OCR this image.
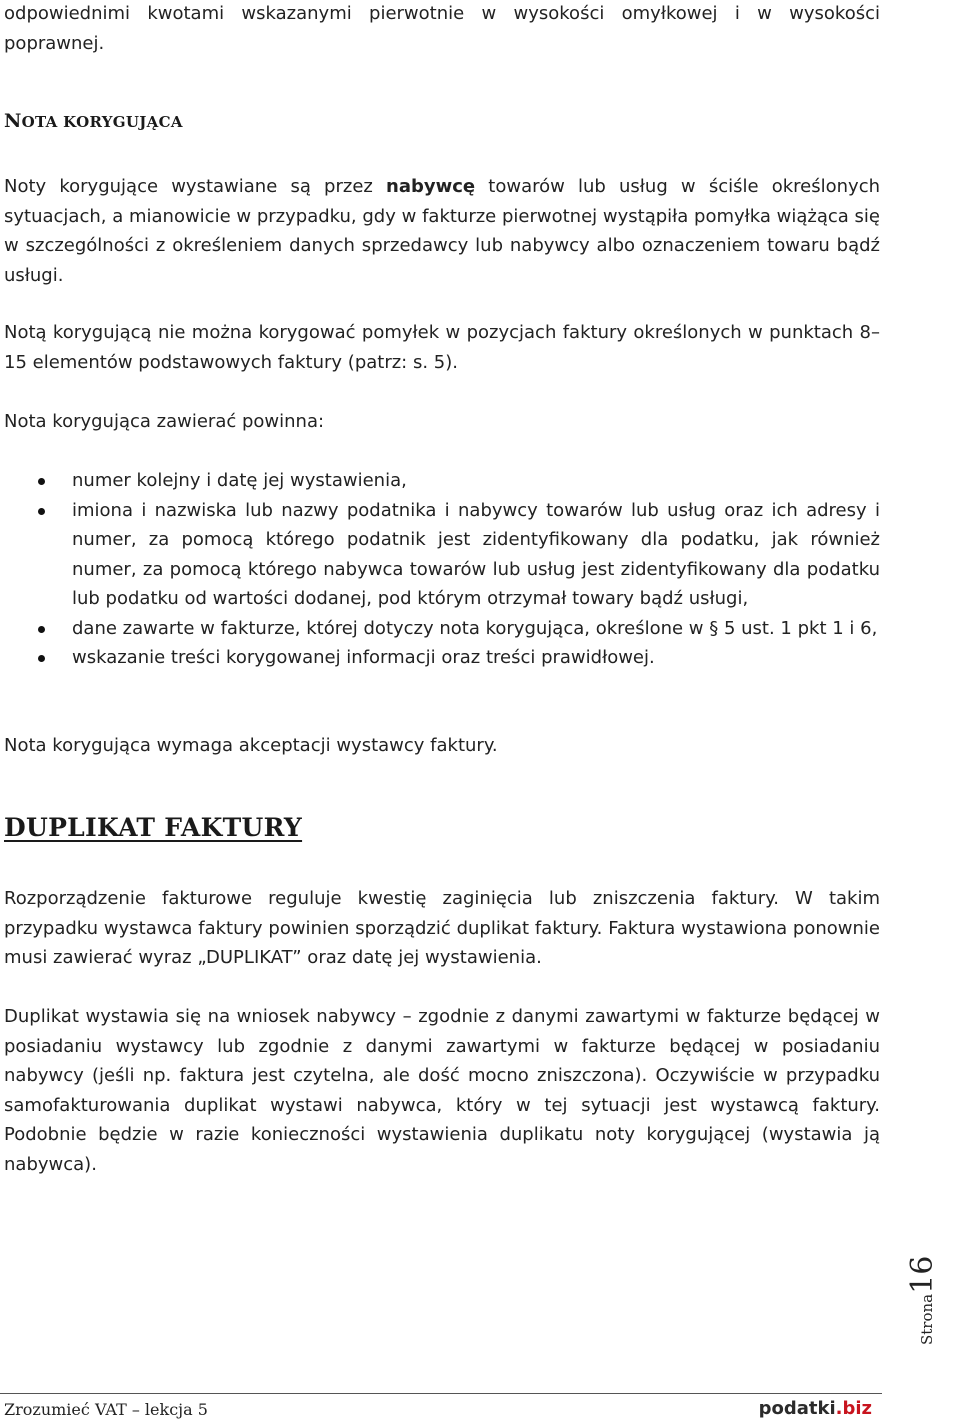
odpowiednimi kwotami wskazanymi pierwotnie w wysokości omyłkowej i w wysokości poprawnej.

NOTA KORYGUJĄCA

Noty korygujące wystawiane są przez nabywcę towarów lub usług w ściśle określonych sytuacjach, a mianowicie w przypadku, gdy w fakturze pierwotnej wystąpiła pomyłka wiążąca się w szczególności z określeniem danych sprzedawcy lub nabywcy albo oznaczeniem towaru bądź usługi.

Notą korygującą nie można korygować pomyłek w pozycjach faktury określonych w punktach 8–15 elementów podstawowych faktury (patrz: s. 5).

Nota korygująca zawierać powinna:

numer kolejny i datę jej wystawienia,
imiona i nazwiska lub nazwy podatnika i nabywcy towarów lub usług oraz ich adresy i numer, za pomocą którego podatnik jest zidentyfikowany dla podatku, jak również numer, za pomocą którego nabywca towarów lub usług jest zidentyfikowany dla podatku lub podatku od wartości dodanej, pod którym otrzymał towary bądź usługi,
dane zawarte w fakturze, której dotyczy nota korygująca, określone w § 5 ust. 1 pkt 1 i 6,
wskazanie treści korygowanej informacji oraz treści prawidłowej.

Nota korygująca wymaga akceptacji wystawcy faktury.

DUPLIKAT FAKTURY

Rozporządzenie fakturowe reguluje kwestię zaginięcia lub zniszczenia faktury. W takim przypadku wystawca faktury powinien sporządzić duplikat faktury. Faktura wystawiona ponownie musi zawierać wyraz „DUPLIKAT” oraz datę jej wystawienia.

Duplikat wystawia się na wniosek nabywcy – zgodnie z danymi zawartymi w fakturze będącej w posiadaniu wystawcy lub zgodnie z danymi zawartymi w fakturze będącej w posiadaniu nabywcy (jeśli np. faktura jest czytelna, ale dość mocno zniszczona). Oczywiście w przypadku samofakturowania duplikat wystawi nabywca, który w tej sytuacji jest wystawcą faktury. Podobnie będzie w razie konieczności wystawienia duplikatu noty korygującej (wystawia ją nabywca).

Strona16
Zrozumieć VAT – lekcja 5	podatki.biz
